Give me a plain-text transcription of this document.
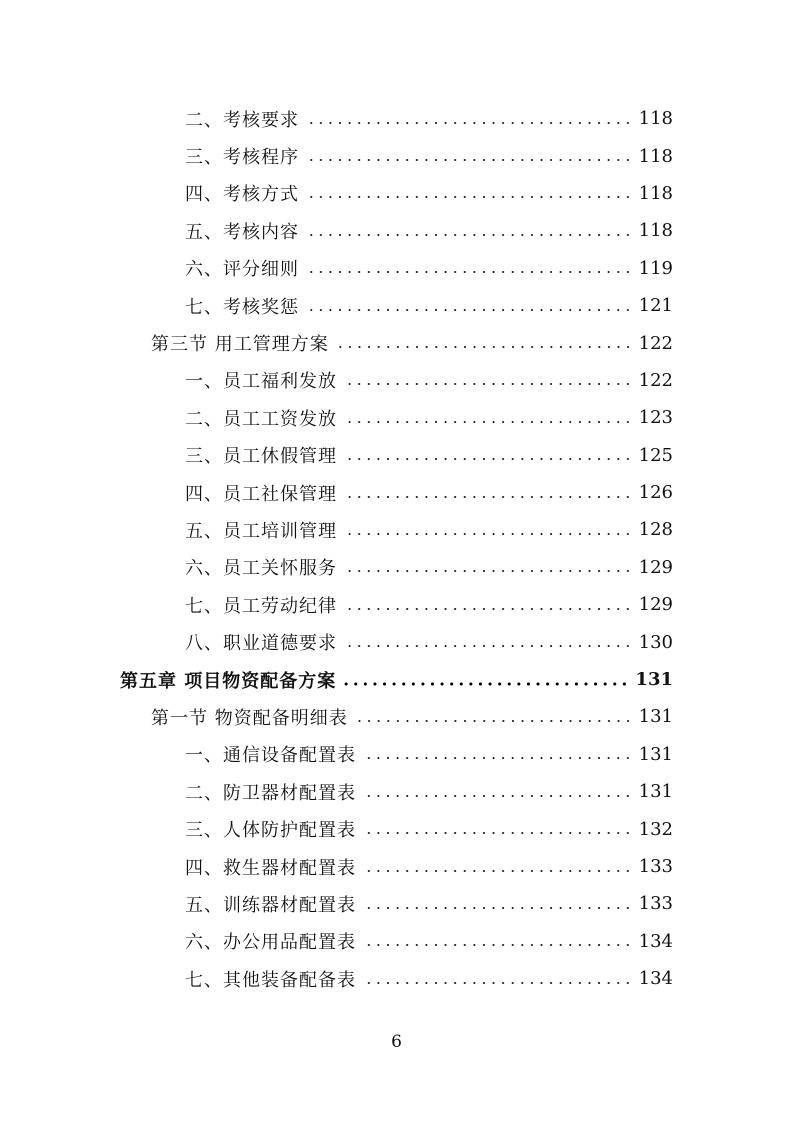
二、考核要求	118
三、考核程序	118
四、考核方式	118
五、考核内容	118
六、评分细则	119
七、考核奖惩	121
第三节 用工管理方案	122
一、员工福利发放	122
二、员工工资发放	123
三、员工休假管理	125
四、员工社保管理	126
五、员工培训管理	128
六、员工关怀服务	129
七、员工劳动纪律	129
八、职业道德要求	130
第五章 项目物资配备方案	131
第一节 物资配备明细表	131
一、通信设备配置表	131
二、防卫器材配置表	131
三、人体防护配置表	132
四、救生器材配置表	133
五、训练器材配置表	133
六、办公用品配置表	134
七、其他装备配备表	134
6
